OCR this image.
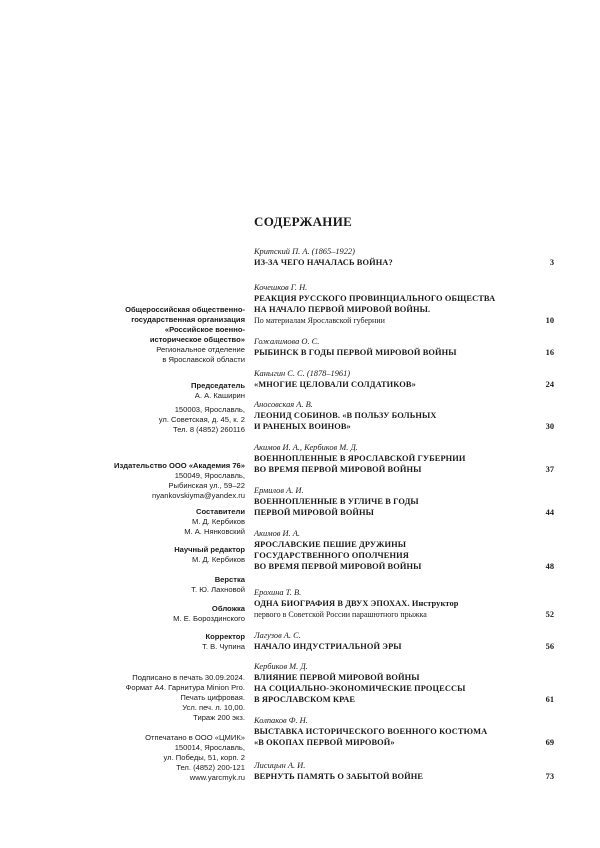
Общероссийская общественно-
государственная организация
«Российское военно-
историческое общество»
Региональное отделение
в Ярославской области
Председатель
А. А. Каширин
150003, Ярославль,
ул. Советская, д. 45, к. 2
Тел. 8 (4852) 260116
Издательство ООО «Академия 76»
150049, Ярославль,
Рыбинская ул., 59–22
nyankovskiyma@yandex.ru
Составители
М. Д. Кербиков
М. А. Нянковский
Научный редактор
М. Д. Кербиков
Верстка
Т. Ю. Лахновой
Обложка
М. Е. Бороздинского
Корректор
Т. В. Чупина
Подписано в печать 30.09.2024.
Формат А4. Гарнитура Minion Pro.
Печать цифровая.
Усл. печ. л. 10,00.
Тираж 200 экз.
Отпечатано в ООО «ЦМИК»
150014, Ярославль,
ул. Победы, 51, корп. 2
Тел. (4852) 200-121
www.yarcmyk.ru
СОДЕРЖАНИЕ
Критский П. А. (1865–1922)
ИЗ-ЗА ЧЕГО НАЧАЛАСЬ ВОЙНА?	3
Кочешков Г. Н.
РЕАКЦИЯ РУССКОГО ПРОВИНЦИАЛЬНОГО ОБЩЕСТВА
НА НАЧАЛО ПЕРВОЙ МИРОВОЙ ВОЙНЫ.
По материалам Ярославской губернии	10
Гожалимова О. С.
РЫБИНСК В ГОДЫ ПЕРВОЙ МИРОВОЙ ВОЙНЫ	16
Каныгин С. С. (1878–1961)
«МНОГИЕ ЦЕЛОВАЛИ СОЛДАТИКОВ»	24
Аносовская А. В.
ЛЕОНИД СОБИНОВ. «В ПОЛЬЗУ БОЛЬНЫХ
И РАНЕНЫХ ВОИНОВ»	30
Акимов И. А., Кербиков М. Д.
ВОЕННОПЛЕННЫЕ В ЯРОСЛАВСКОЙ ГУБЕРНИИ
ВО ВРЕМЯ ПЕРВОЙ МИРОВОЙ ВОЙНЫ	37
Ермилов А. И.
ВОЕННОПЛЕННЫЕ В УГЛИЧЕ В ГОДЫ
ПЕРВОЙ МИРОВОЙ ВОЙНЫ	44
Акимов И. А.
ЯРОСЛАВСКИЕ ПЕШИЕ ДРУЖИНЫ
ГОСУДАРСТВЕННОГО ОПОЛЧЕНИЯ
ВО ВРЕМЯ ПЕРВОЙ МИРОВОЙ ВОЙНЫ	48
Ерохина Т. В.
ОДНА БИОГРАФИЯ В ДВУХ ЭПОХАХ. Инструктор
первого в Советской России парашютного прыжка	52
Лагузов А. С.
НАЧАЛО ИНДУСТРИАЛЬНОЙ ЭРЫ	56
Кербиков М. Д.
ВЛИЯНИЕ ПЕРВОЙ МИРОВОЙ ВОЙНЫ
НА СОЦИАЛЬНО-ЭКОНОМИЧЕСКИЕ ПРОЦЕССЫ
В ЯРОСЛАВСКОМ КРАЕ	61
Колпаков Ф. Н.
ВЫСТАВКА ИСТОРИЧЕСКОГО ВОЕННОГО КОСТЮМА
«В ОКОПАХ ПЕРВОЙ МИРОВОЙ»	69
Лисицын А. И.
ВЕРНУТЬ ПАМЯТЬ О ЗАБЫТОЙ ВОЙНЕ	73
